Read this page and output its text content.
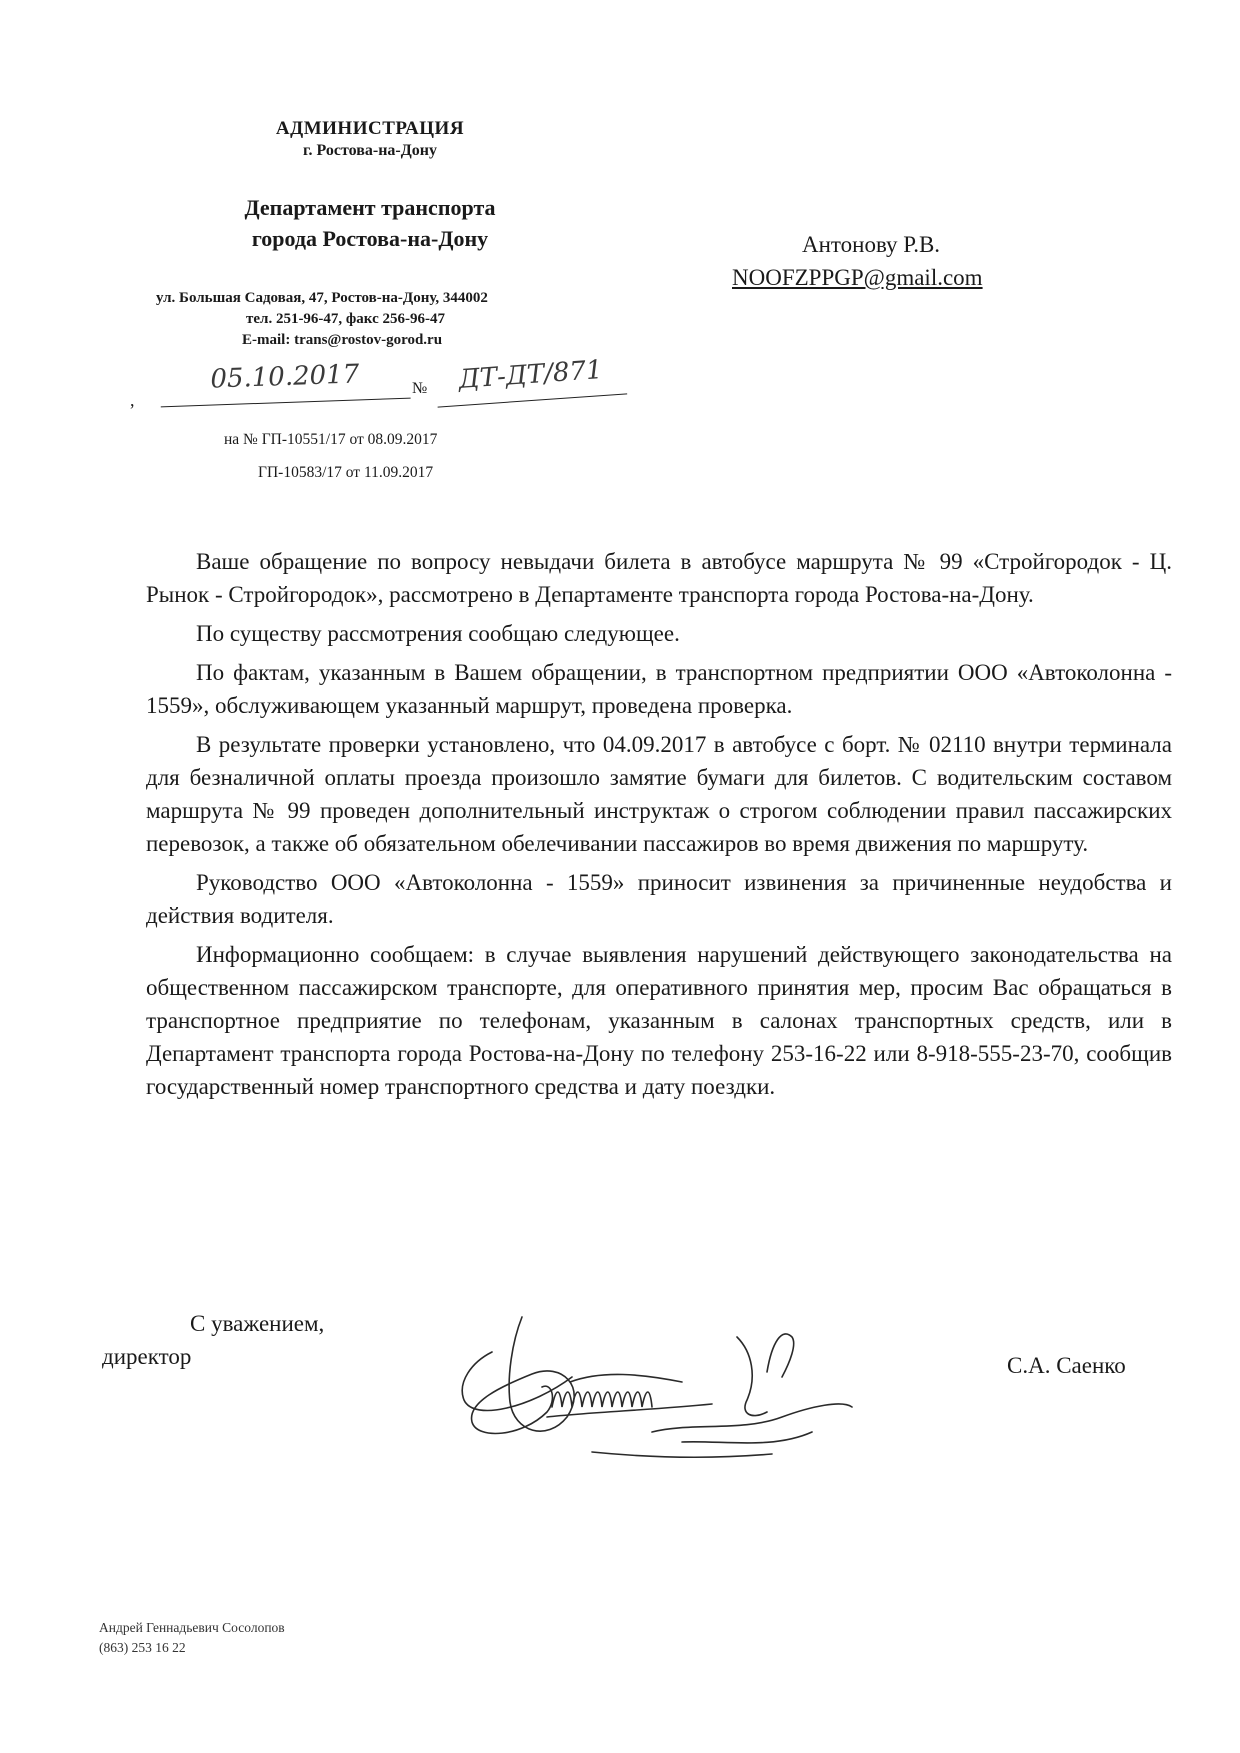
АДМИНИСТРАЦИЯ
г. Ростова-на-Дону
Департамент транспорта
города Ростова-на-Дону
ул. Большая Садовая, 47, Ростов-на-Дону, 344002
тел. 251-96-47, факс 256-96-47
E-mail: trans@rostov-gorod.ru
,
05.10.2017	№	ДТ-ДТ/871
на № ГП-10551/17 от 08.09.2017
ГП-10583/17 от 11.09.2017
Антонову Р.В.
NOOFZPPGP@gmail.com

Ваше обращение по вопросу невыдачи билета в автобусе маршрута № 99 «Стройгородок - Ц. Рынок - Стройгородок», рассмотрено в Департаменте транспорта города Ростова-на-Дону.

По существу рассмотрения сообщаю следующее.

По фактам, указанным в Вашем обращении, в транспортном предприятии ООО «Автоколонна - 1559», обслуживающем указанный маршрут, проведена проверка.

В результате проверки установлено, что 04.09.2017 в автобусе с борт. № 02110 внутри терминала для безналичной оплаты проезда произошло замятие бумаги для билетов. С водительским составом маршрута № 99 проведен дополнительный инструктаж о строгом соблюдении правил пассажирских перевозок, а также об обязательном обелечивании пассажиров во время движения по маршруту.

Руководство ООО «Автоколонна - 1559» приносит извинения за причиненные неудобства и действия водителя.

Информационно сообщаем: в случае выявления нарушений действующего законодательства на общественном пассажирском транспорте, для оперативного принятия мер, просим Вас обращаться в транспортное предприятие по телефонам, указанным в салонах транспортных средств, или в Департамент транспорта города Ростова-на-Дону по телефону 253-16-22 или 8-918-555-23-70, сообщив государственный номер транспортного средства и дату поездки.

С уважением,
директор	С.А. Саенко
Андрей Геннадьевич Сосолопов
(863) 253 16 22
